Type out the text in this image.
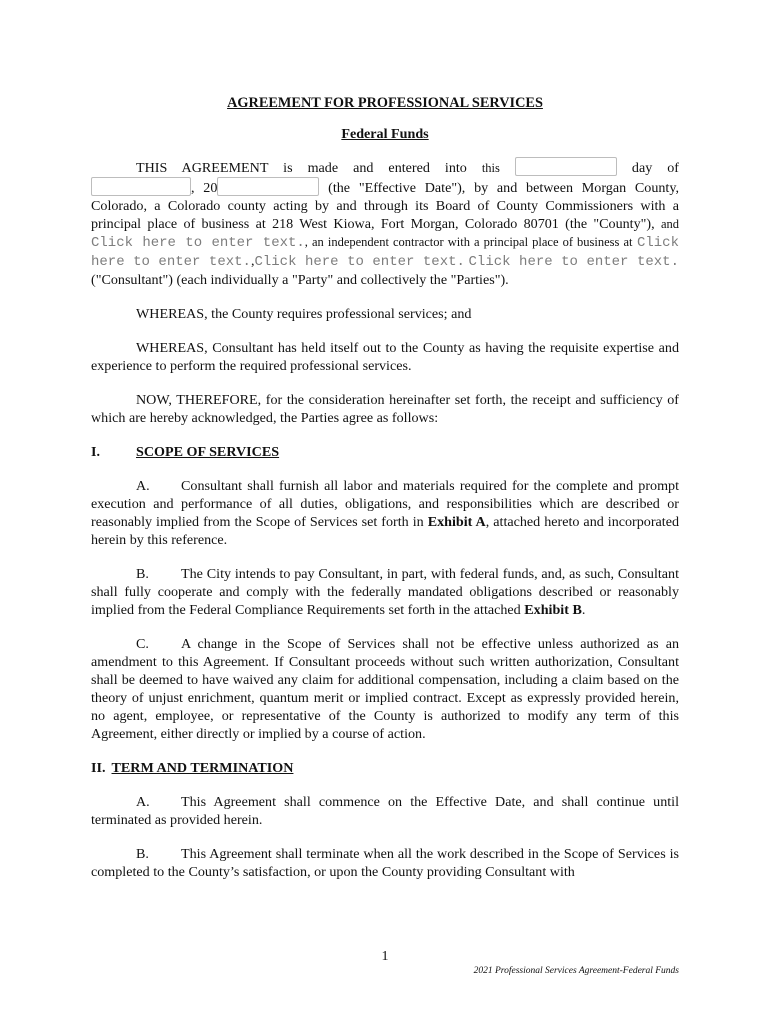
AGREEMENT FOR PROFESSIONAL SERVICES

Federal Funds

THIS AGREEMENT is made and entered into this	day of

, 20	(the "Effective Date"), by and between Morgan County, Colorado, a Colorado county acting by and through its Board of County Commissioners with a principal place of business at 218 West Kiowa, Fort Morgan, Colorado 80701 (the "County"), and Click here to enter text., an independent contractor with a principal place of business at Click here to enter text.,Click here to enter text. Click here to enter text. ("Consultant") (each individually a "Party" and collectively the "Parties").

WHEREAS, the County requires professional services; and

WHEREAS, Consultant has held itself out to the County as having the requisite expertise and experience to perform the required professional services.

NOW, THEREFORE, for the consideration hereinafter set forth, the receipt and sufficiency of which are hereby acknowledged, the Parties agree as follows:

I.	SCOPE OF SERVICES

A. Consultant shall furnish all labor and materials required for the complete and prompt execution and performance of all duties, obligations, and responsibilities which are described or reasonably implied from the Scope of Services set forth in Exhibit A, attached hereto and incorporated herein by this reference.

B. The City intends to pay Consultant, in part, with federal funds, and, as such, Consultant shall fully cooperate and comply with the federally mandated obligations described or reasonably implied from the Federal Compliance Requirements set forth in the attached Exhibit B.

C. A change in the Scope of Services shall not be effective unless authorized as an amendment to this Agreement. If Consultant proceeds without such written authorization, Consultant shall be deemed to have waived any claim for additional compensation, including a claim based on the theory of unjust enrichment, quantum merit or implied contract. Except as expressly provided herein, no agent, employee, or representative of the County is authorized to modify any term of this Agreement, either directly or implied by a course of action.

II. TERM AND TERMINATION

A. This Agreement shall commence on the Effective Date, and shall continue until terminated as provided herein.

B. This Agreement shall terminate when all the work described in the Scope of Services is completed to the County’s satisfaction, or upon the County providing Consultant with

1
2021 Professional Services Agreement-Federal Funds
